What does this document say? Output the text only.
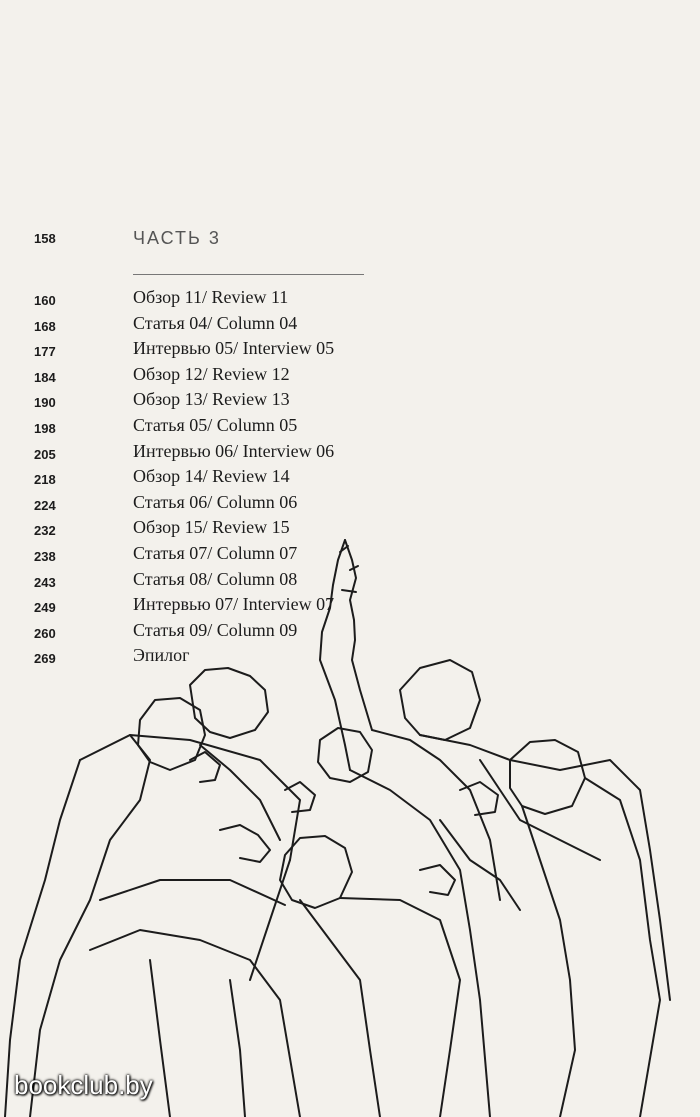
158	ЧАСТЬ 3
160	Обзор 11/ Review 11
168	Статья 04/ Column 04
177	Интервью 05/ Interview 05
184	Обзор 12/ Review 12
190	Обзор 13/ Review 13
198	Статья 05/ Column 05
205	Интервью 06/ Interview 06
218	Обзор 14/ Review 14
224	Статья 06/ Column 06
232	Обзор 15/ Review 15
238	Статья 07/ Column 07
243	Статья 08/ Column 08
249	Интервью 07/ Interview 07
260	Статья 09/ Column 09
269	Эпилог
bookclub.by
